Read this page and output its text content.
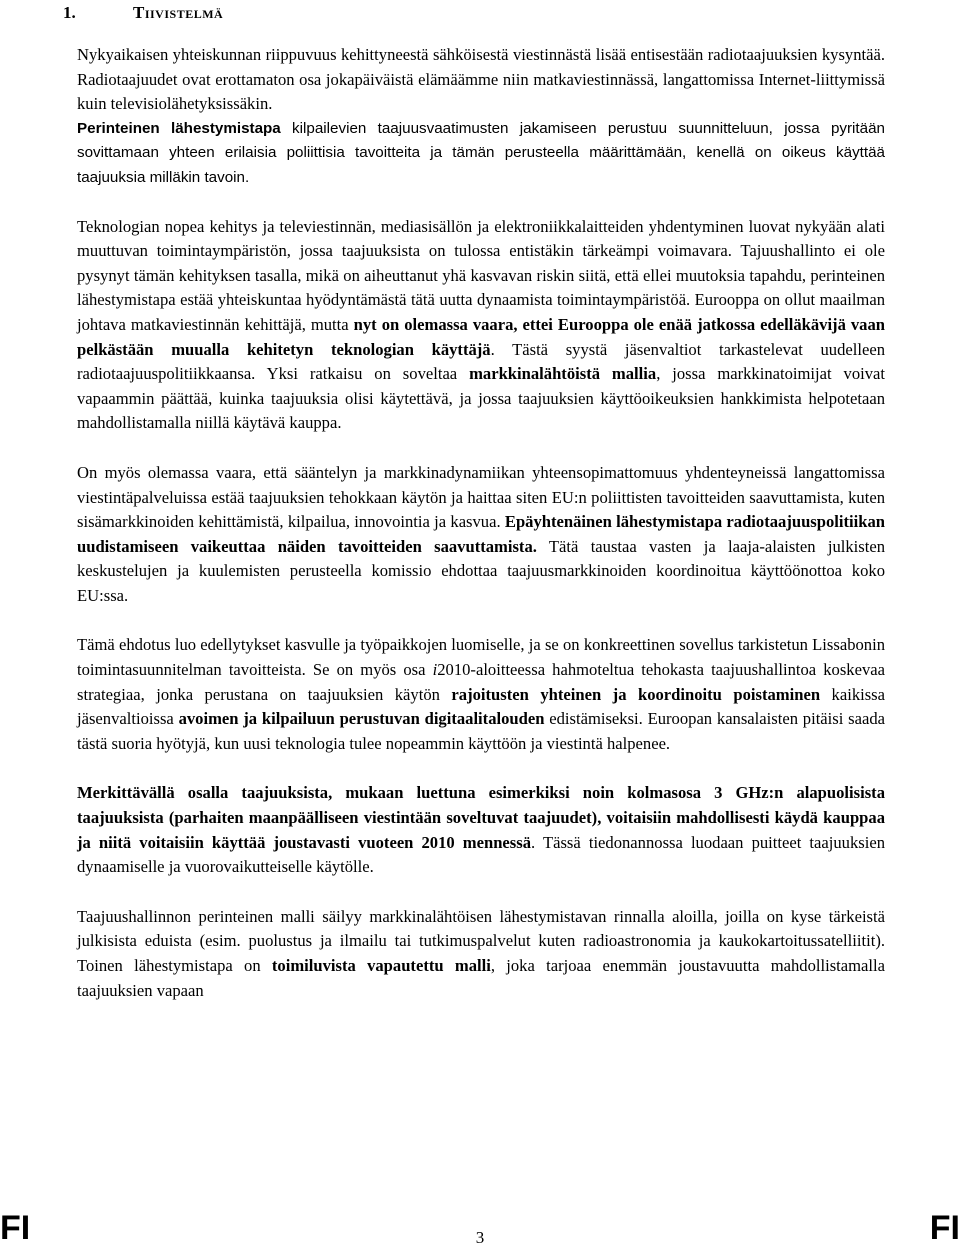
1.	Tiivistelmä

Nykyaikaisen yhteiskunnan riippuvuus kehittyneestä sähköisestä viestinnästä lisää entisestään radiotaajuuksien kysyntää. Radiotaajuudet ovat erottamaton osa jokapäiväistä elämäämme niin matkaviestinnässä, langattomissa Internet-liittymissä kuin televisiolähetyksissäkin.

Perinteinen lähestymistapa kilpailevien taajuusvaatimusten jakamiseen perustuu suunnitteluun, jossa pyritään sovittamaan yhteen erilaisia poliittisia tavoitteita ja tämän perusteella määrittämään, kenellä on oikeus käyttää taajuuksia milläkin tavoin.

Teknologian nopea kehitys ja televiestinnän, mediasisällön ja elektroniikkalaitteiden yhdentyminen luovat nykyään alati muuttuvan toimintaympäristön, jossa taajuuksista on tulossa entistäkin tärkeämpi voimavara. Tajuushallinto ei ole pysynyt tämän kehityksen tasalla, mikä on aiheuttanut yhä kasvavan riskin siitä, että ellei muutoksia tapahdu, perinteinen lähestymistapa estää yhteiskuntaa hyödyntämästä tätä uutta dynaamista toimintaympäristöä. Eurooppa on ollut maailman johtava matkaviestinnän kehittäjä, mutta nyt on olemassa vaara, ettei Eurooppa ole enää jatkossa edelläkävijä vaan pelkästään muualla kehitetyn teknologian käyttäjä. Tästä syystä jäsenvaltiot tarkastelevat uudelleen radiotaajuuspolitiikkaansa. Yksi ratkaisu on soveltaa markkinalähtöistä mallia, jossa markkinatoimijat voivat vapaammin päättää, kuinka taajuuksia olisi käytettävä, ja jossa taajuuksien käyttöoikeuksien hankkimista helpotetaan mahdollistamalla niillä käytävä kauppa.

On myös olemassa vaara, että sääntelyn ja markkinadynamiikan yhteensopimattomuus yhdenteyneissä langattomissa viestintäpalveluissa estää taajuuksien tehokkaan käytön ja haittaa siten EU:n poliittisten tavoitteiden saavuttamista, kuten sisämarkkinoiden kehittämistä, kilpailua, innovointia ja kasvua. Epäyhtenäinen lähestymistapa radiotaajuuspolitiikan uudistamiseen vaikeuttaa näiden tavoitteiden saavuttamista. Tätä taustaa vasten ja laaja-alaisten julkisten keskustelujen ja kuulemisten perusteella komissio ehdottaa taajuusmarkkinoiden koordinoitua käyttöönottoa koko EU:ssa.

Tämä ehdotus luo edellytykset kasvulle ja työpaikkojen luomiselle, ja se on konkreettinen sovellus tarkistetun Lissabonin toimintasuunnitelman tavoitteista. Se on myös osa i2010-aloitteessa hahmoteltua tehokasta taajuushallintoa koskevaa strategiaa, jonka perustana on taajuuksien käytön rajoitusten yhteinen ja koordinoitu poistaminen kaikissa jäsenvaltioissa avoimen ja kilpailuun perustuvan digitaalitalouden edistämiseksi. Euroopan kansalaisten pitäisi saada tästä suoria hyötyjä, kun uusi teknologia tulee nopeammin käyttöön ja viestintä halpenee.

Merkittävällä osalla taajuuksista, mukaan luettuna esimerkiksi noin kolmasosa 3 GHz:n alapuolisista taajuuksista (parhaiten maanpäälliseen viestintään soveltuvat taajuudet), voitaisiin mahdollisesti käydä kauppaa ja niitä voitaisiin käyttää joustavasti vuoteen 2010 mennessä. Tässä tiedonannossa luodaan puitteet taajuuksien dynaamiselle ja vuorovaikutteiselle käytölle.

Taajuushallinnon perinteinen malli säilyy markkinalähtöisen lähestymistavan rinnalla aloilla, joilla on kyse tärkeistä julkisista eduista (esim. puolustus ja ilmailu tai tutkimuspalvelut kuten radioastronomia ja kaukokartoitussatelliitit). Toinen lähestymistapa on toimiluvista vapautettu malli, joka tarjoaa enemmän joustavuutta mahdollistamalla taajuuksien vapaan

FI	3	FI
